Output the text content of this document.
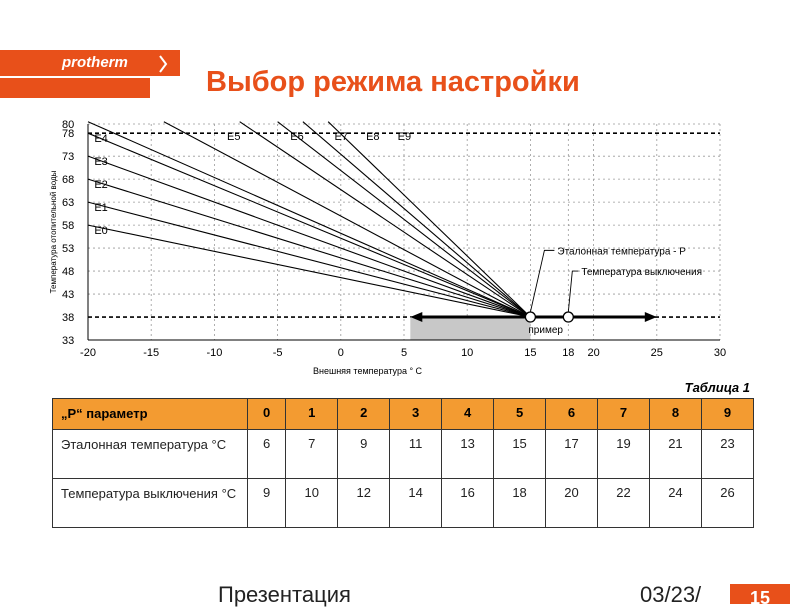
protherm
Выбор режима настройки
E4
E3
E2
E1
E0
E5	E6	E7 E8 E9
80
78
73
68
63
58
53
48
43
38
33
-20	-15	-10	-5	0	5	10	15 18 20	25	30
Температура отопительной воды
Внешняя температура ° С
Эталонная температура - Р
Температура выключения
пример
Таблица 1
„Р“ параметр	0	1	2	3	4	5	6	7	8	9
Эталонная температура °С	6	7	9	11	13	15	17	19	21	23
Температура выключения °С	9	10	12	14	16	18	20	22	24	26
Презентация	03/23/	15
